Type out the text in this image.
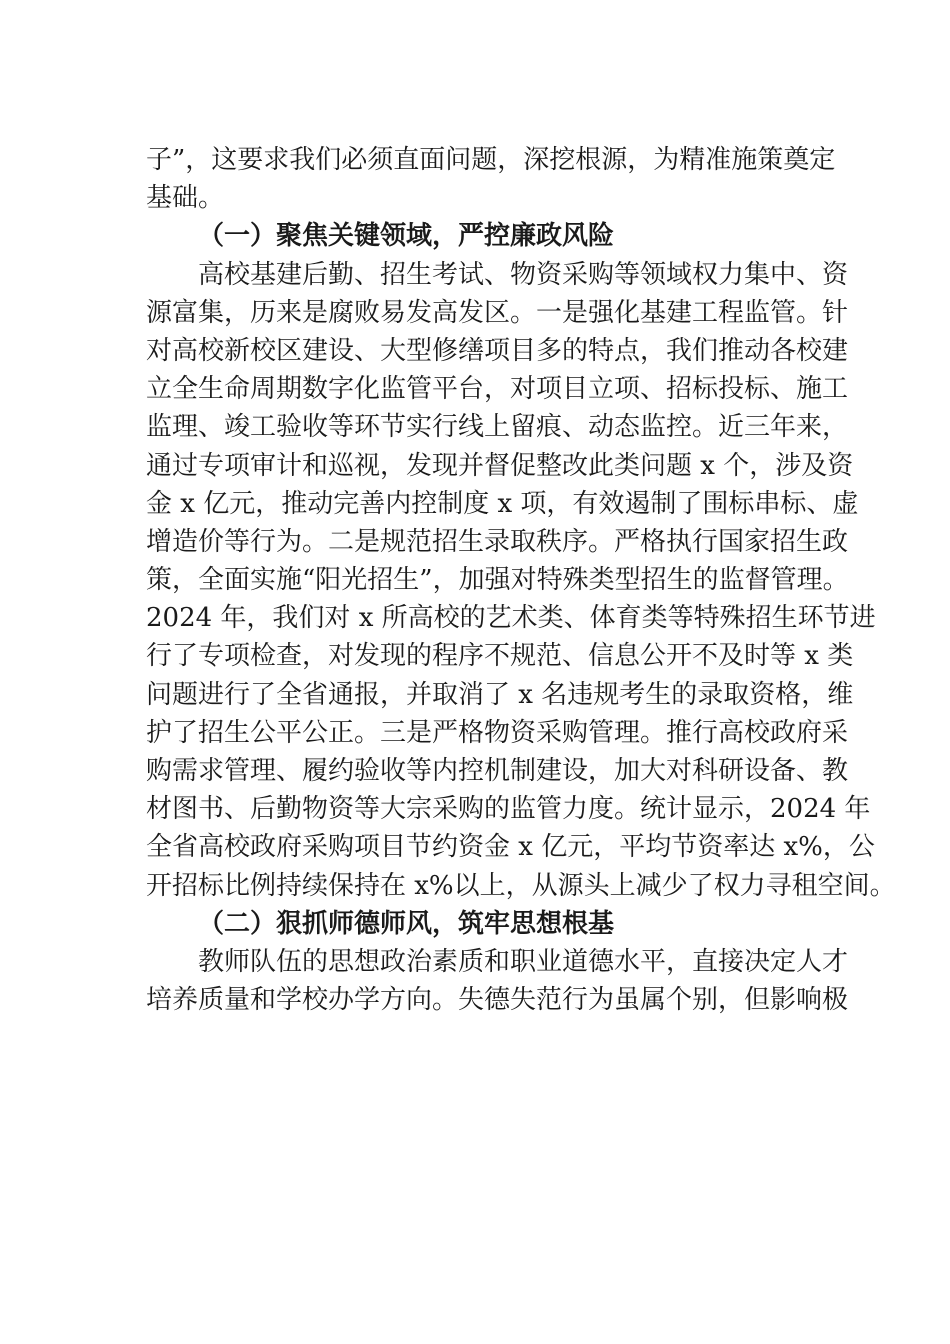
子”，这要求我们必须直面问题，深挖根源，为精准施策奠定
基础。
（一）聚焦关键领域，严控廉政风险
高校基建后勤、招生考试、物资采购等领域权力集中、资
源富集，历来是腐败易发高发区。一是强化基建工程监管。针
对高校新校区建设、大型修缮项目多的特点，我们推动各校建
立全生命周期数字化监管平台，对项目立项、招标投标、施工
监理、竣工验收等环节实行线上留痕、动态监控。近三年来，
通过专项审计和巡视，发现并督促整改此类问题 x 个，涉及资
金 x 亿元，推动完善内控制度 x 项，有效遏制了围标串标、虚
增造价等行为。二是规范招生录取秩序。严格执行国家招生政
策，全面实施“阳光招生”，加强对特殊类型招生的监督管理。
2024 年，我们对 x 所高校的艺术类、体育类等特殊招生环节进
行了专项检查，对发现的程序不规范、信息公开不及时等 x 类
问题进行了全省通报，并取消了 x 名违规考生的录取资格，维
护了招生公平公正。三是严格物资采购管理。推行高校政府采
购需求管理、履约验收等内控机制建设，加大对科研设备、教
材图书、后勤物资等大宗采购的监管力度。统计显示，2024 年
全省高校政府采购项目节约资金 x 亿元，平均节资率达 x%，公
开招标比例持续保持在 x%以上，从源头上减少了权力寻租空间。
（二）狠抓师德师风，筑牢思想根基
教师队伍的思想政治素质和职业道德水平，直接决定人才
培养质量和学校办学方向。失德失范行为虽属个别，但影响极
